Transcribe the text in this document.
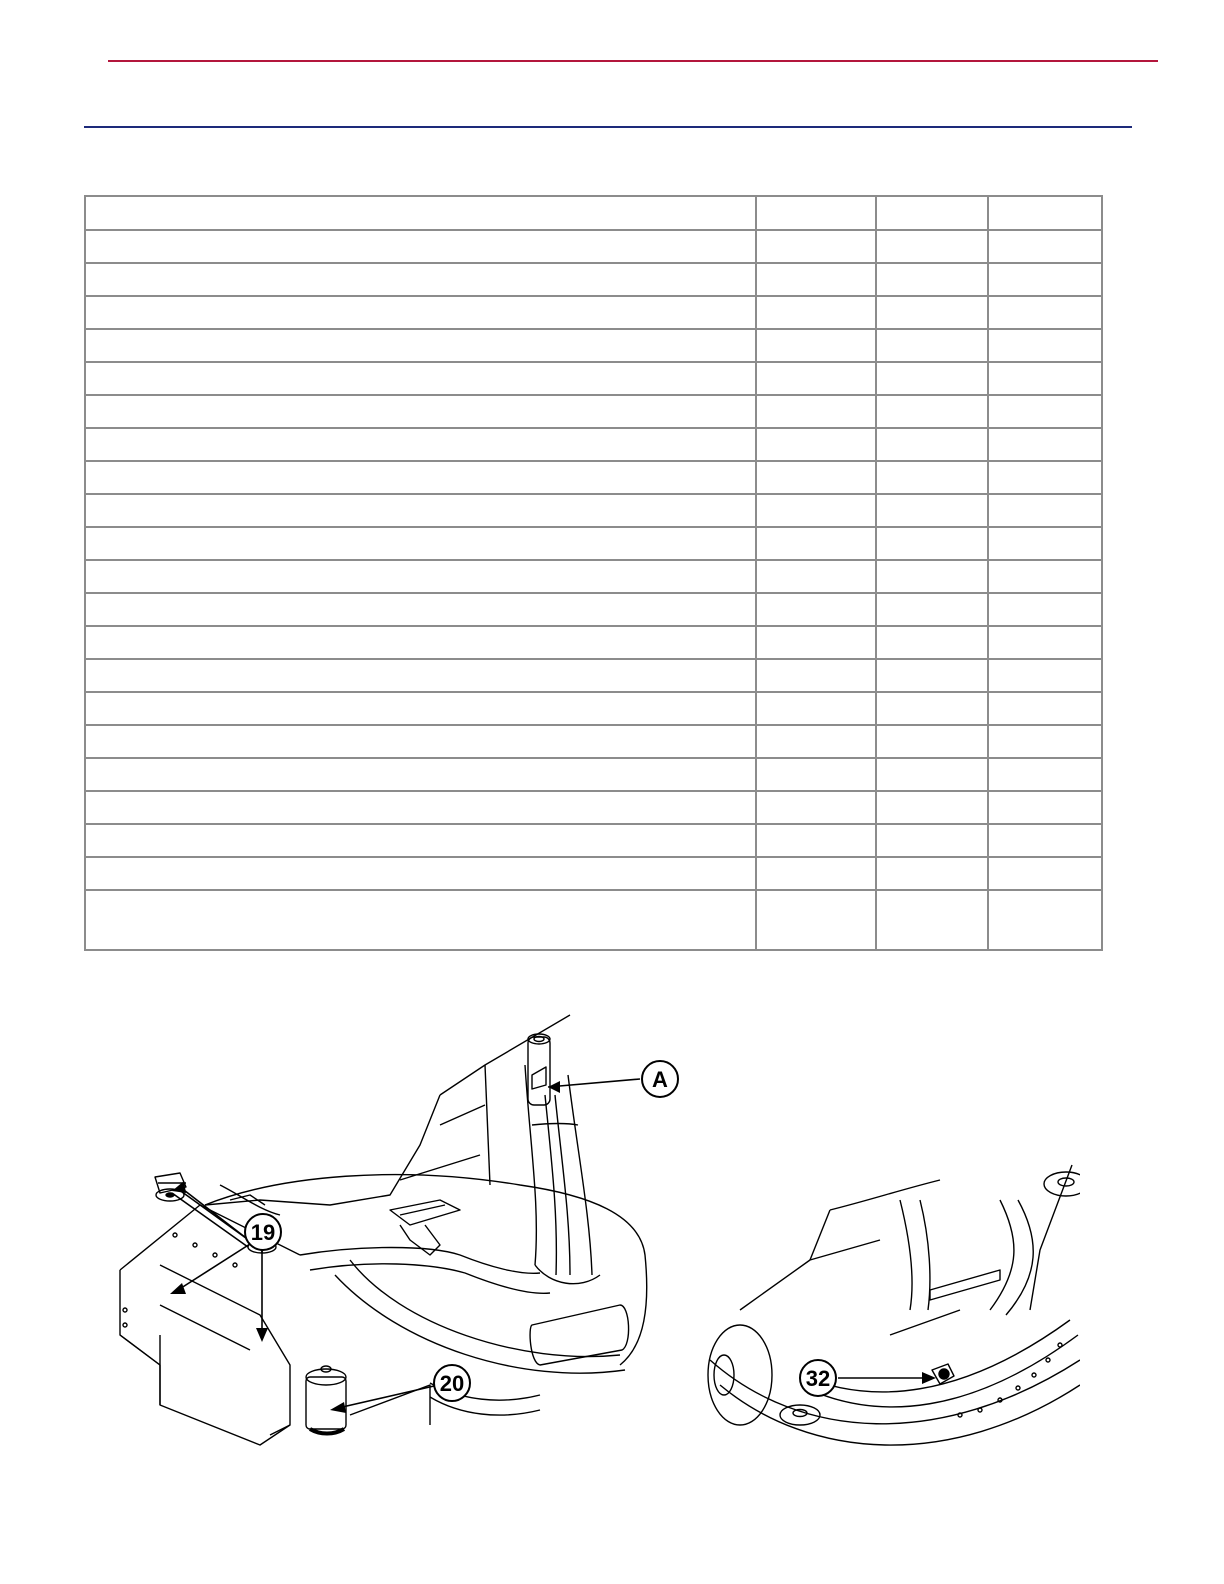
A
19
20	32
